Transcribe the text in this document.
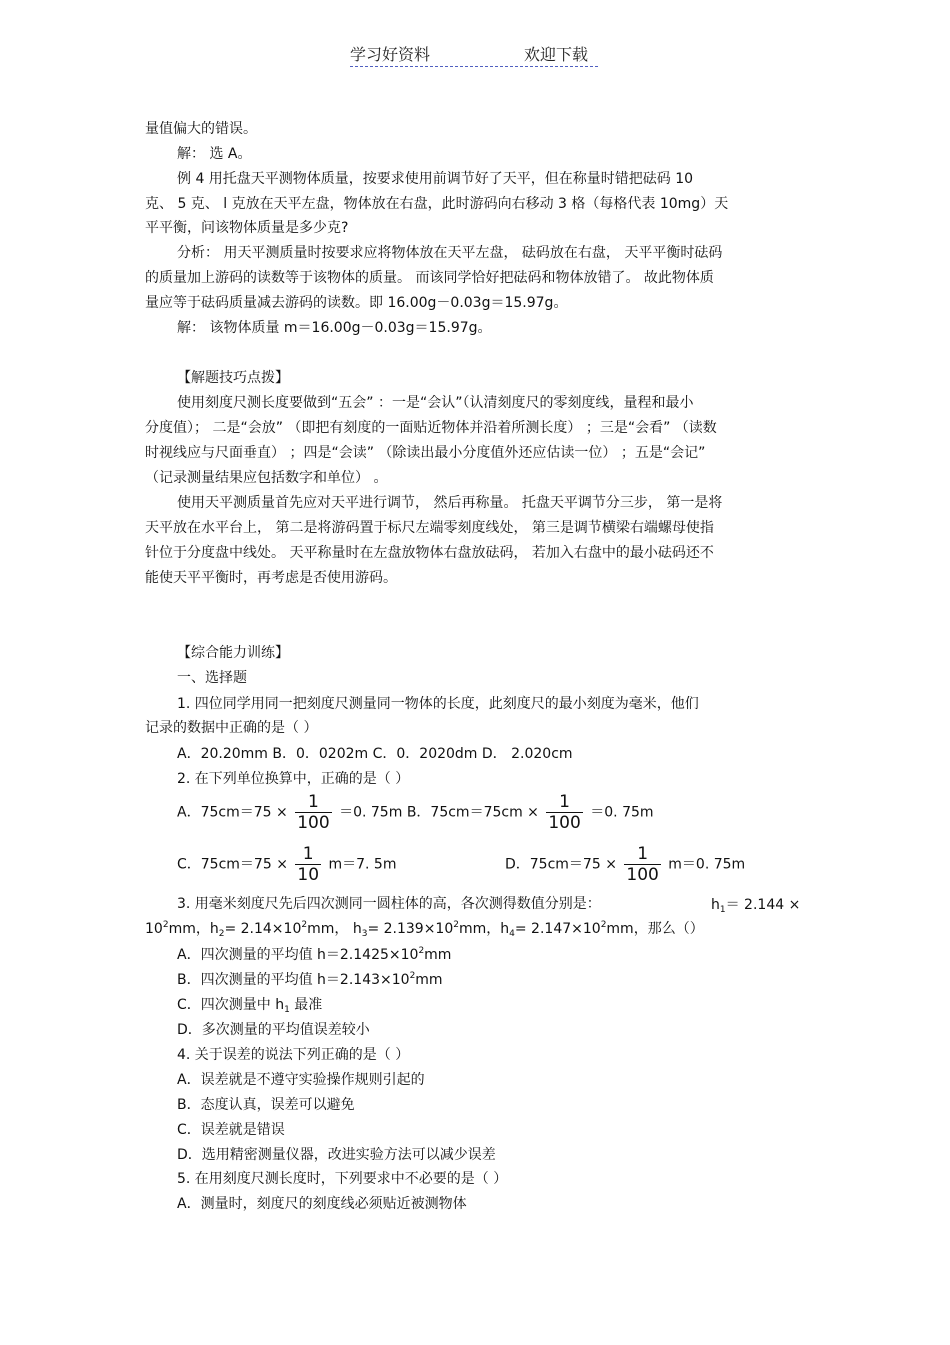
学习好资料	欢迎下载
量值偏大的错误。
解： 选 A。
例 4 用托盘天平测物体质量，按要求使用前调节好了天平，但在称量时错把砝码 10
克、 5 克、 l 克放在天平左盘，物体放在右盘，此时游码向右移动 3 格（每格代表 10mg）天
平平衡，问该物体质量是多少克?
分析： 用天平测质量时按要求应将物体放在天平左盘， 砝码放在右盘， 天平平衡时砝码
的质量加上游码的读数等于该物体的质量。 而该同学恰好把砝码和物体放错了。 故此物体质
量应等于砝码质量减去游码的读数。即 16.00g－0.03g＝15.97g。
解： 该物体质量 m＝16.00g－0.03g＝15.97g。
【解题技巧点拨】
使用刻度尺测长度要做到“五会” ：一是“会认”（认清刻度尺的零刻度线，量程和最小
分度值）； 二是“会放” （即把有刻度的一面贴近物体并沿着所测长度） ；三是“会看” （读数
时视线应与尺面垂直） ；四是“会读” （除读出最小分度值外还应估读一位） ；五是“会记”
（记录测量结果应包括数字和单位） 。
使用天平测质量首先应对天平进行调节， 然后再称量。 托盘天平调节分三步， 第一是将
天平放在水平台上， 第二是将游码置于标尺左端零刻度线处， 第三是调节横梁右端螺母使指
针位于分度盘中线处。 天平称量时在左盘放物体右盘放砝码， 若加入右盘中的最小砝码还不
能使天平平衡时，再考虑是否使用游码。
【综合能力训练】
一、选择题
1. 四位同学用同一把刻度尺测量同一物体的长度，此刻度尺的最小刻度为毫米，他们
记录的数据中正确的是（ ）
A．20.20mm B．0．0202m C．0．2020dm D． 2.020cm
2. 在下列单位换算中，正确的是（ ）
A．$75cm=75 \times \frac{1}{100} =0$. 75m B．$75cm=75cm \times \frac{1}{100} =0$. 75m
C．$75cm=75 \times \frac{1}{10} m=7$. 5m	D．$75cm=75 \times \frac{1}{100} m=0$. 75m
3. 用毫米刻度尺先后四次测同一圆柱体的高，各次测得数值分别是：	$h_1= 2.144$ ×
$10^2mm$，$h_2= 2.14\times 10^2mm$， $h_3= 2.139\times 10^2mm$，$h_4= 2.147\times 10^2mm$，那么（）
A．四次测量的平均值 $h=2.1425\times 10^2mm$
B．四次测量的平均值 $h=2.143\times 10^2mm$
C．四次测量中 $h_1$ 最准
D．多次测量的平均值误差较小
4. 关于误差的说法下列正确的是（ ）
A．误差就是不遵守实验操作规则引起的
B．态度认真，误差可以避免
C．误差就是错误
D．选用精密测量仪器，改进实验方法可以减少误差
5. 在用刻度尺测长度时，下列要求中不必要的是（ ）
A．测量时，刻度尺的刻度线必须贴近被测物体
